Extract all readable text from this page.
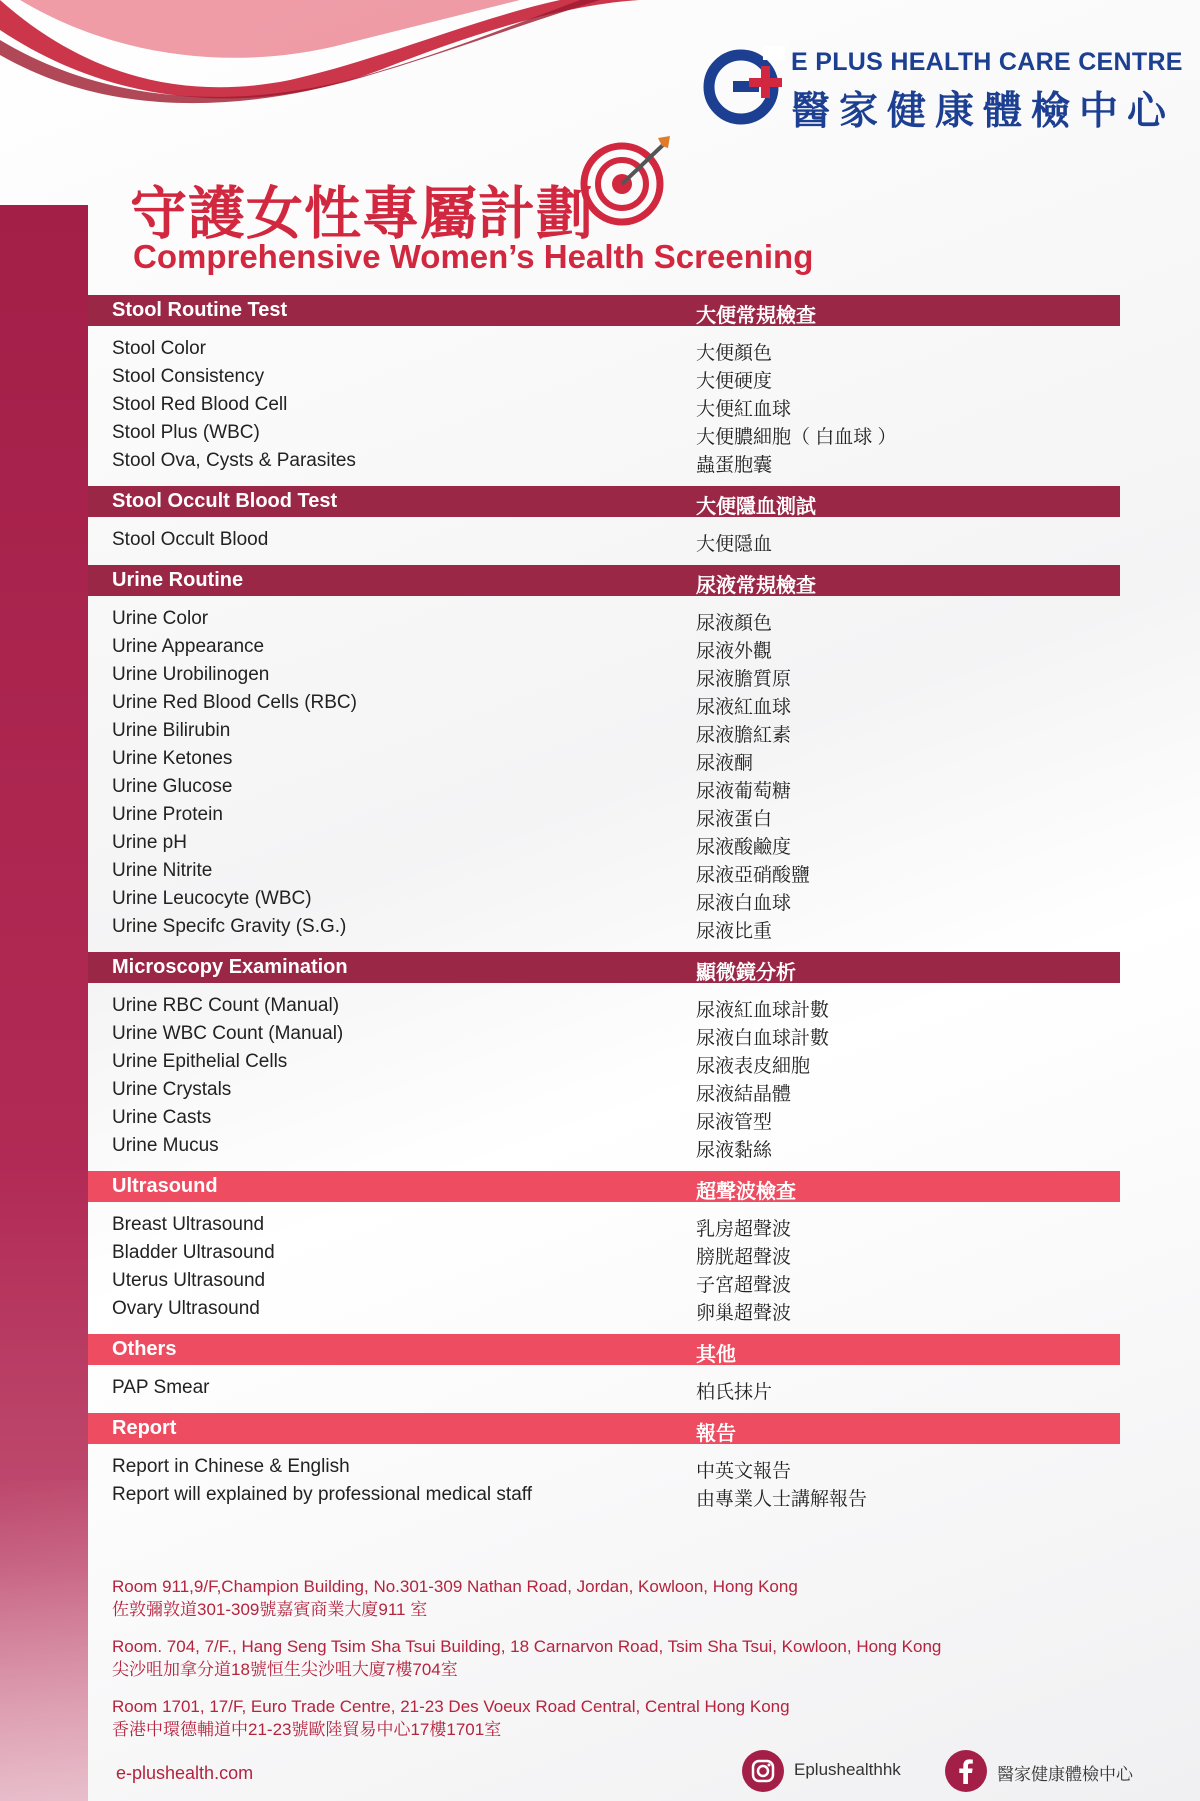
E PLUS HEALTH CARE CENTRE
醫家健康體檢中心
守護女性專屬計劃
Comprehensive Women’s Health Screening
Stool Routine Test	大便常規檢查
Stool Color	大便顏色
Stool Consistency	大便硬度
Stool Red Blood Cell	大便紅血球
Stool Plus (WBC)	大便膿細胞（ 白血球 ）
Stool Ova, Cysts & Parasites	蟲蛋胞囊
Stool Occult Blood Test	大便隱血測試
Stool Occult Blood	大便隱血
Urine Routine	尿液常規檢查
Urine Color	尿液顏色
Urine Appearance	尿液外觀
Urine Urobilinogen	尿液膽質原
Urine Red Blood Cells (RBC)	尿液紅血球
Urine Bilirubin	尿液膽紅素
Urine Ketones	尿液酮
Urine Glucose	尿液葡萄糖
Urine Protein	尿液蛋白
Urine pH	尿液酸鹼度
Urine Nitrite	尿液亞硝酸鹽
Urine Leucocyte (WBC)	尿液白血球
Urine Specifc Gravity (S.G.)	尿液比重
Microscopy Examination	顯微鏡分析
Urine RBC Count (Manual)	尿液紅血球計數
Urine WBC Count (Manual)	尿液白血球計數
Urine Epithelial Cells	尿液表皮細胞
Urine Crystals	尿液結晶體
Urine Casts	尿液管型
Urine Mucus	尿液黏絲
Ultrasound	超聲波檢查
Breast Ultrasound	乳房超聲波
Bladder Ultrasound	膀胱超聲波
Uterus Ultrasound	子宮超聲波
Ovary Ultrasound	卵巢超聲波
Others	其他
PAP Smear	柏氏抹片
Report	報告
Report in Chinese & English	中英文報告
Report will explained by professional medical staff	由專業人士講解報告
Room 911,9/F,Champion Building, No.301-309 Nathan Road, Jordan, Kowloon, Hong Kong
佐敦彌敦道301-309號嘉賓商業大廈911 室
Room. 704, 7/F., Hang Seng Tsim Sha Tsui Building, 18 Carnarvon Road, Tsim Sha Tsui, Kowloon, Hong Kong
尖沙咀加拿分道18號恒生尖沙咀大廈7樓704室
Room 1701, 17/F, Euro Trade Centre, 21-23 Des Voeux Road Central, Central Hong Kong
香港中環德輔道中21-23號歐陸貿易中心17樓1701室
e-plushealth.com	Eplushealthhk	醫家健康體檢中心
